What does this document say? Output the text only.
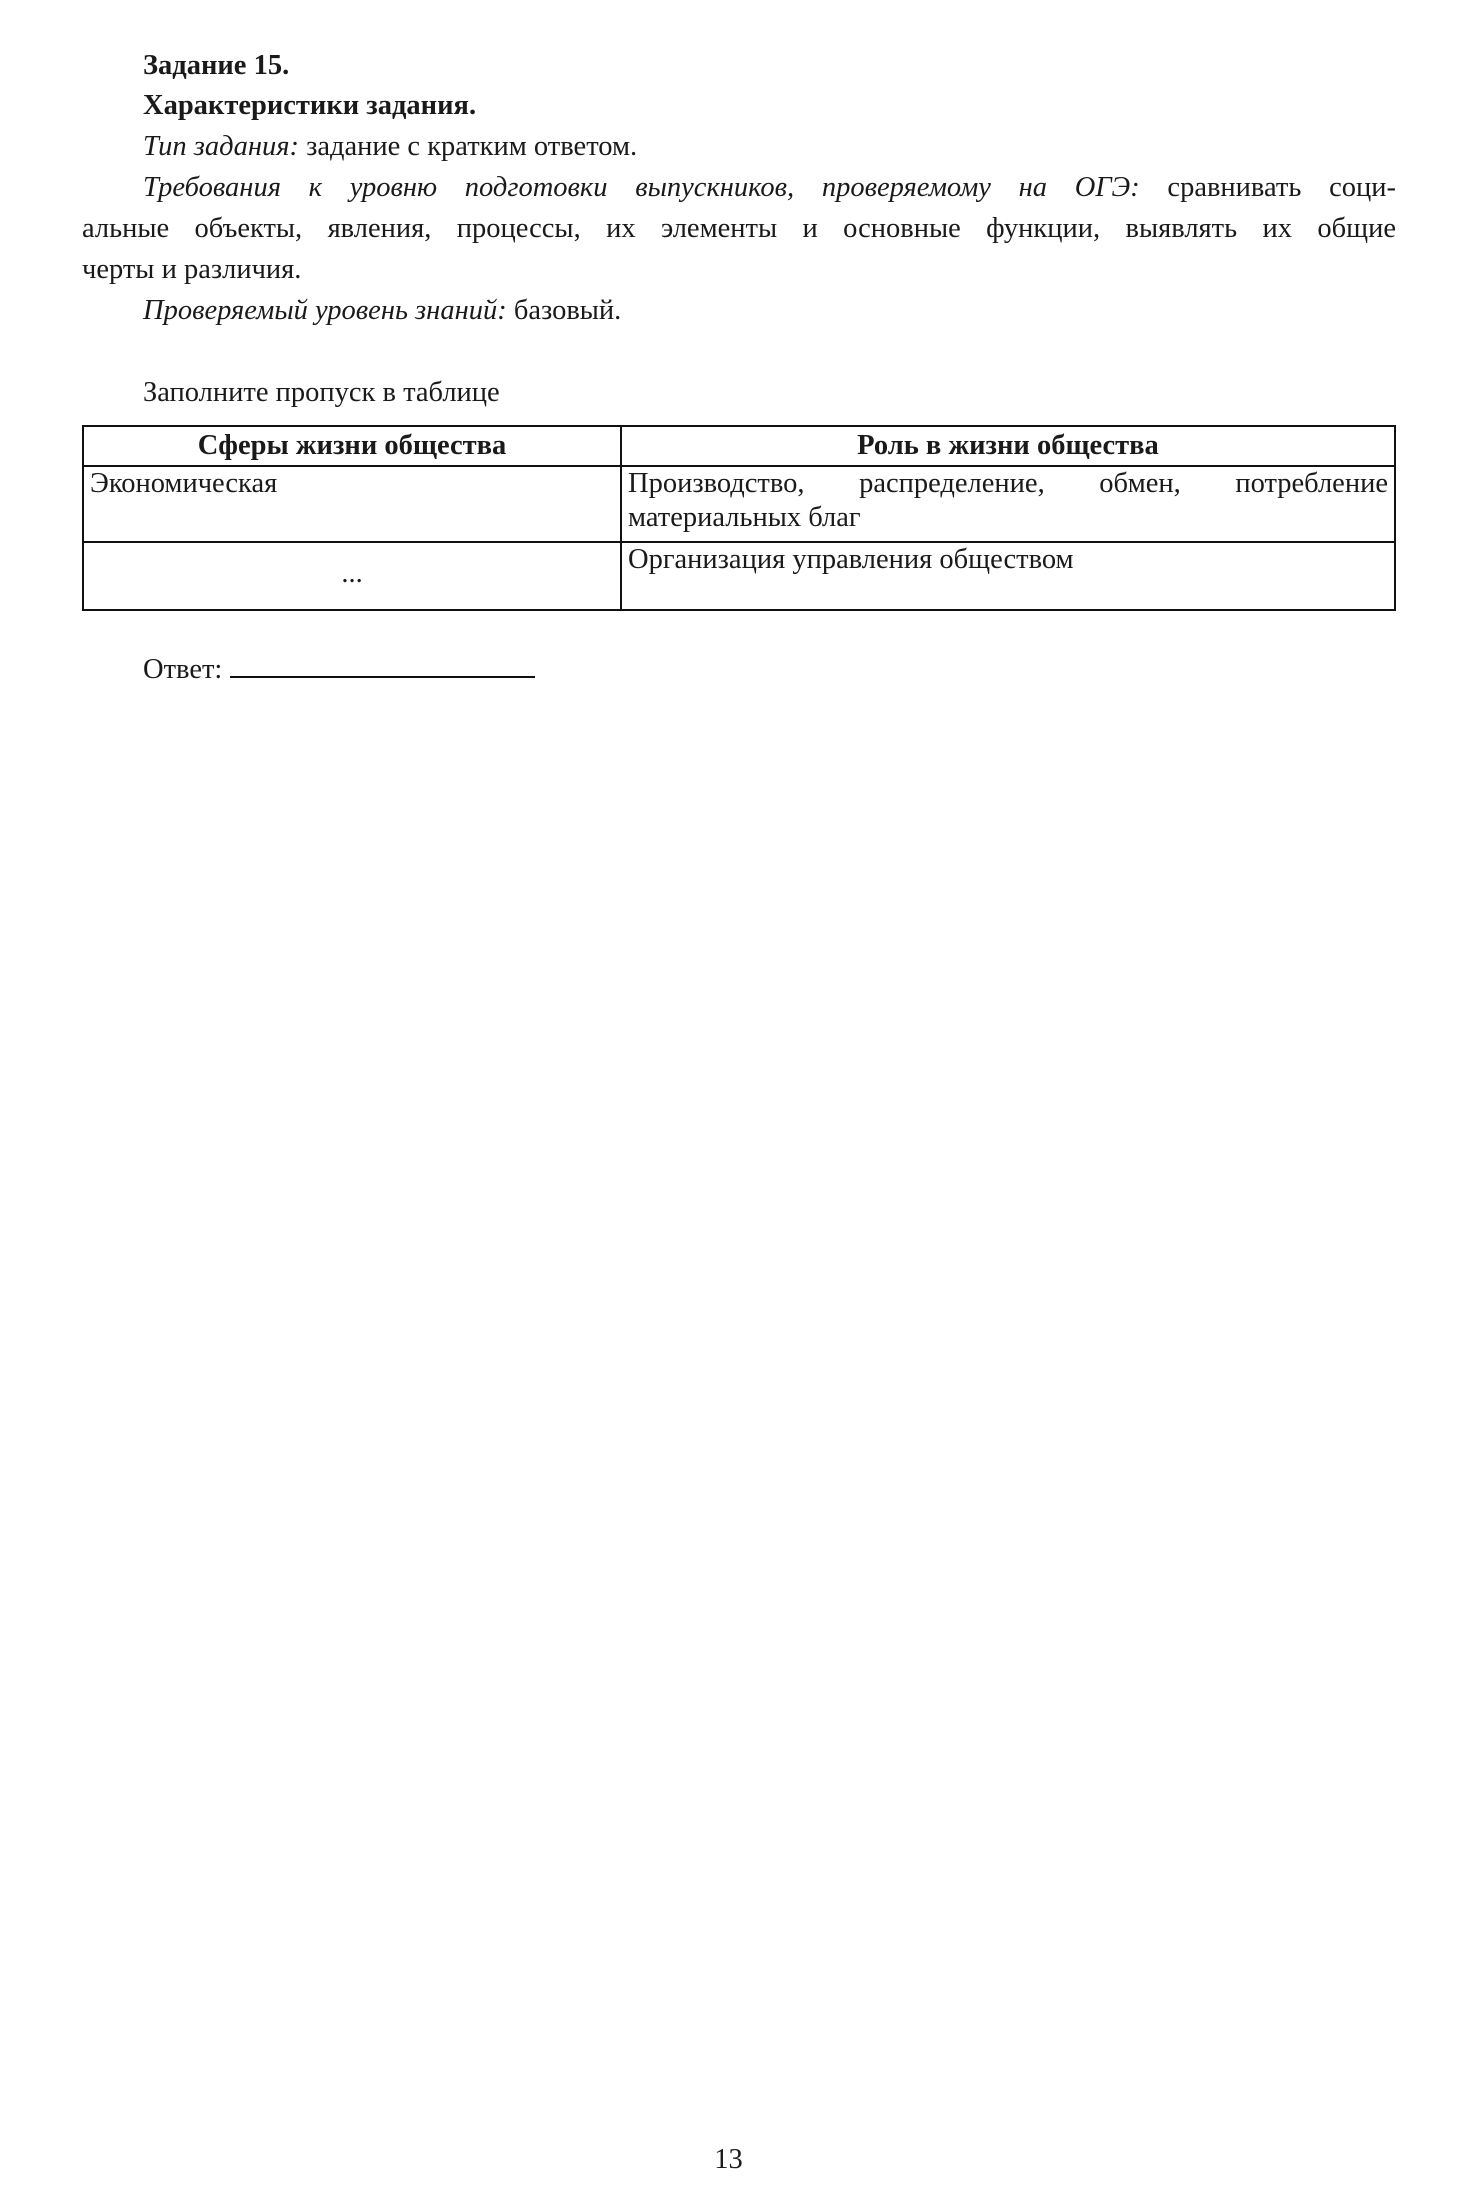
Задание 15.
Характеристики задания.
Тип задания: задание с кратким ответом.
Требования к уровню подготовки выпускников, проверяемому на ОГЭ: сравнивать соци-
альные объекты, явления, процессы, их элементы и основные функции, выявлять их общие
черты и различия.
Проверяемый уровень знаний: базовый.
Заполните пропуск в таблице
Сферы жизни общества	Роль в жизни общества
Экономическая	Производство, распределение, обмен, потребление материальных благ

...	Организация управления обществом
Ответ:
13
